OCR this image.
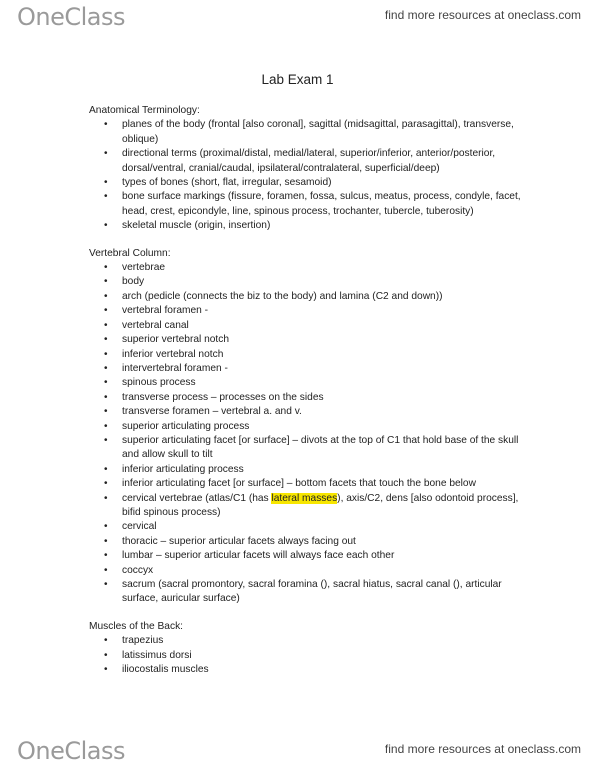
OneClass	find more resources at oneclass.com
Lab Exam 1
Anatomical Terminology:
• planes of the body (frontal [also coronal], sagittal (midsagittal, parasagittal), transverse, oblique)
• directional terms (proximal/distal, medial/lateral, superior/inferior, anterior/posterior, dorsal/ventral, cranial/caudal, ipsilateral/contralateral, superficial/deep)
• types of bones (short, flat, irregular, sesamoid)
• bone surface markings (fissure, foramen, fossa, sulcus, meatus, process, condyle, facet, head, crest, epicondyle, line, spinous process, trochanter, tubercle, tuberosity)
• skeletal muscle (origin, insertion)
Vertebral Column:
• vertebrae
• body
• arch (pedicle (connects the biz to the body) and lamina (C2 and down))
• vertebral foramen -
• vertebral canal
• superior vertebral notch
• inferior vertebral notch
• intervertebral foramen -
• spinous process
• transverse process – processes on the sides
• transverse foramen – vertebral a. and v.
• superior articulating process
• superior articulating facet [or surface] – divots at the top of C1 that hold base of the skull and allow skull to tilt
• inferior articulating process
• inferior articulating facet [or surface] – bottom facets that touch the bone below
• cervical vertebrae (atlas/C1 (has lateral masses), axis/C2, dens [also odontoid process], bifid spinous process)
• cervical
• thoracic – superior articular facets always facing out
• lumbar – superior articular facets will always face each other
• coccyx
• sacrum (sacral promontory, sacral foramina (), sacral hiatus, sacral canal (), articular surface, auricular surface)
Muscles of the Back:
• trapezius
• latissimus dorsi
• iliocostalis muscles
OneClass	find more resources at oneclass.com
